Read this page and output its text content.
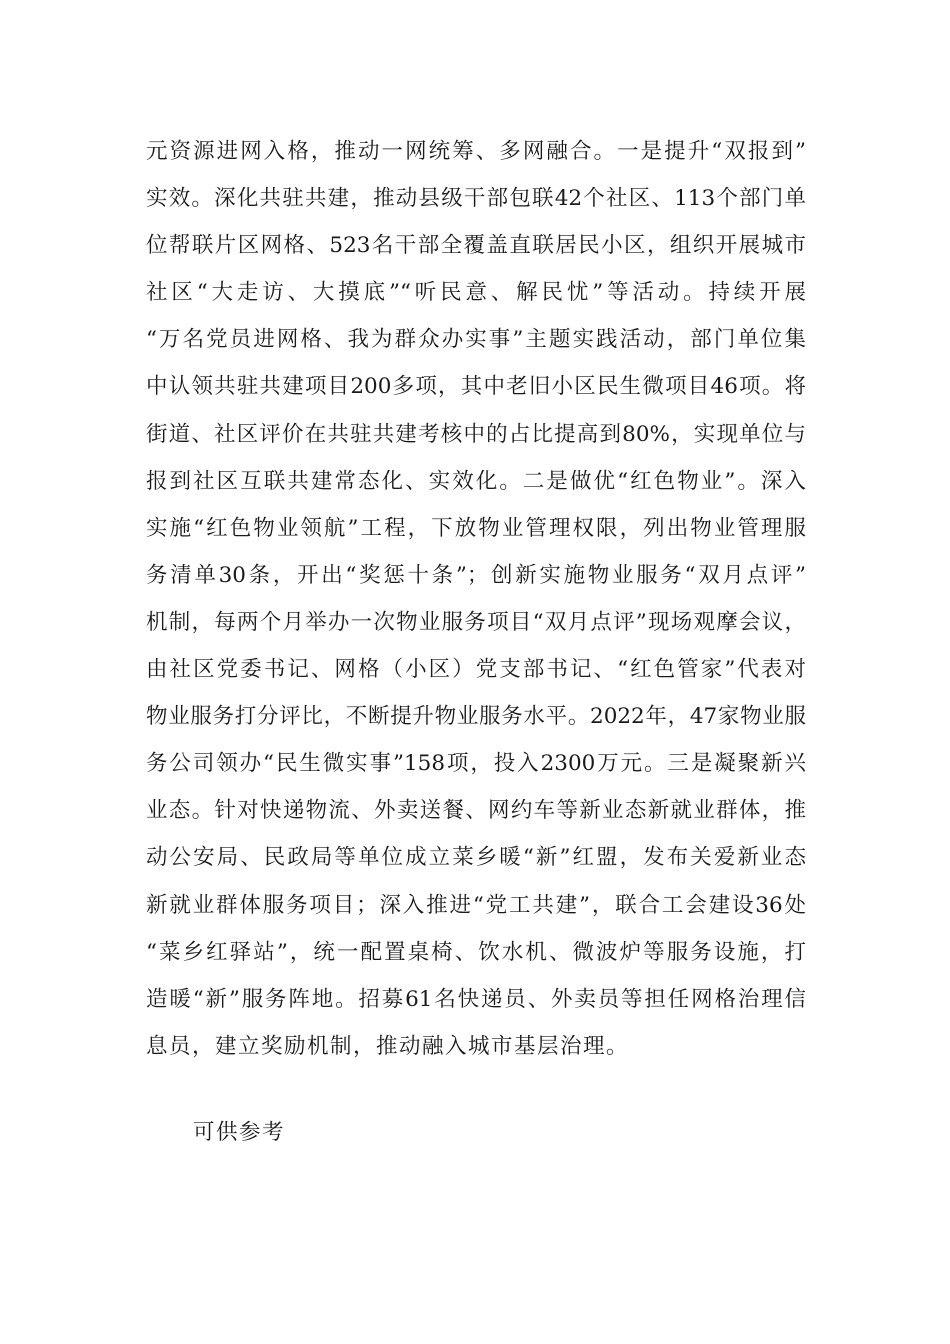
元资源进网入格，推动一网统筹、多网融合。一是提升“双报到”
实效。深化共驻共建，推动县级干部包联42个社区、113个部门单
位帮联片区网格、523名干部全覆盖直联居民小区，组织开展城市
社区“大走访、大摸底”“听民意、解民忧”等活动。持续开展
“万名党员进网格、我为群众办实事”主题实践活动，部门单位集
中认领共驻共建项目200多项，其中老旧小区民生微项目46项。将
街道、社区评价在共驻共建考核中的占比提高到80%，实现单位与
报到社区互联共建常态化、实效化。二是做优“红色物业”。深入
实施“红色物业领航”工程，下放物业管理权限，列出物业管理服
务清单30条，开出“奖惩十条”；创新实施物业服务“双月点评”
机制，每两个月举办一次物业服务项目“双月点评”现场观摩会议，
由社区党委书记、网格（小区）党支部书记、“红色管家”代表对
物业服务打分评比，不断提升物业服务水平。2022年，47家物业服
务公司领办“民生微实事”158项，投入2300万元。三是凝聚新兴
业态。针对快递物流、外卖送餐、网约车等新业态新就业群体，推
动公安局、民政局等单位成立菜乡暖“新”红盟，发布关爱新业态
新就业群体服务项目；深入推进“党工共建”，联合工会建设36处
“菜乡红驿站”，统一配置桌椅、饮水机、微波炉等服务设施，打
造暖“新”服务阵地。招募61名快递员、外卖员等担任网格治理信
息员，建立奖励机制，推动融入城市基层治理。
可供参考
